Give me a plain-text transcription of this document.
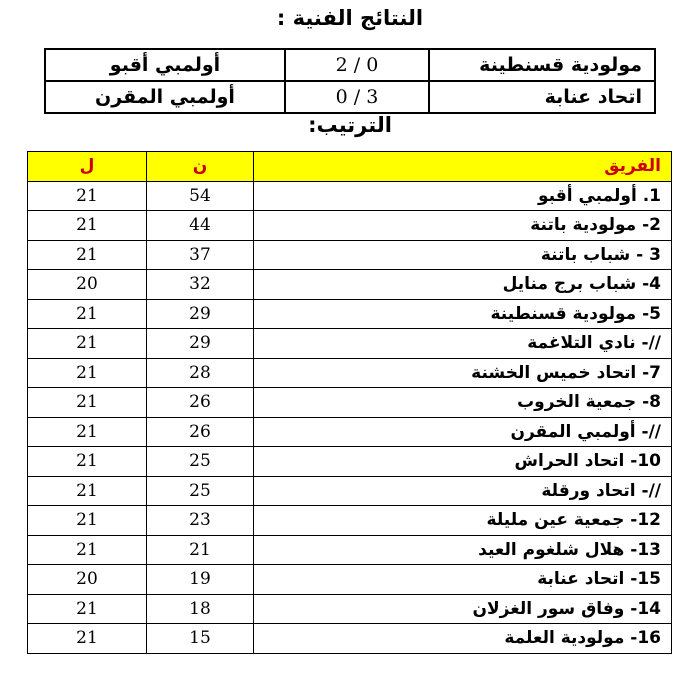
النتائج الفنية :
أولمبي أقبو	2 / 0	مولودية قسنطينة
أولمبي المقرن	0 / 3	اتحاد عنابة
الترتيب:
ل	ن	الفريق
21	54	1. أولمبي أقبو
21	44	2- مولودية باتنة
21	37	3 - شباب باتنة
20	32	4- شباب برج منايل
21	29	5- مولودية قسنطينة
21	29	//- نادي التلاغمة
21	28	7- اتحاد خميس الخشنة
21	26	8- جمعية الخروب
21	26	//- أولمبي المقرن
21	25	10- اتحاد الحراش
21	25	//- اتحاد ورقلة
21	23	12- جمعية عين مليلة
21	21	13- هلال شلغوم العيد
20	19	15- اتحاد عنابة
21	18	14- وفاق سور الغزلان
21	15	16- مولودية العلمة
